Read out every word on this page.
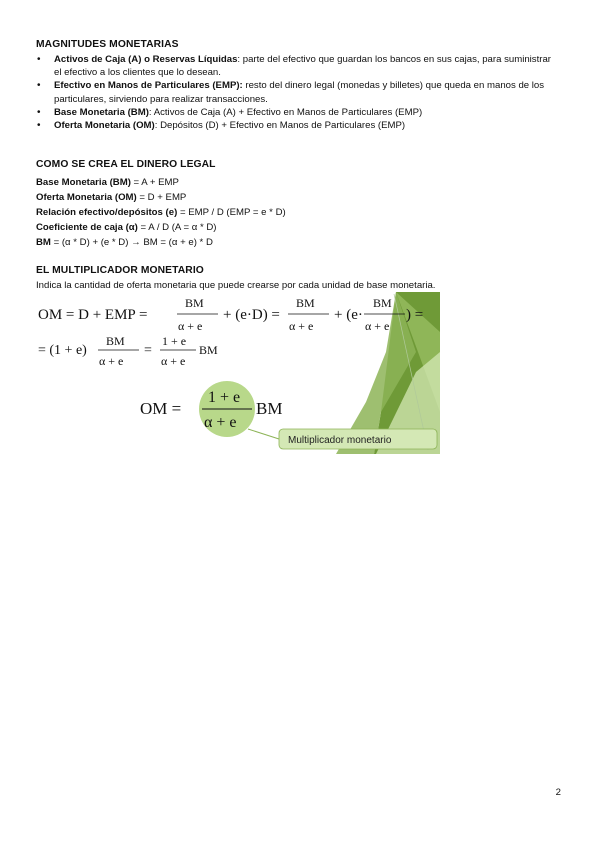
MAGNITUDES MONETARIAS
• Activos de Caja (A) o Reservas Líquidas: parte del efectivo que guardan los bancos en sus cajas, para suministrar el efectivo a los clientes que lo desean.
• Efectivo en Manos de Particulares (EMP): resto del dinero legal (monedas y billetes) que queda en manos de los particulares, sirviendo para realizar transacciones.
• Base Monetaria (BM): Activos de Caja (A) + Efectivo en Manos de Particulares (EMP)
• Oferta Monetaria (OM): Depósitos (D) + Efectivo en Manos de Particulares (EMP)
COMO SE CREA EL DINERO LEGAL
Base Monetaria (BM) = A + EMP
Oferta Monetaria (OM) = D + EMP
Relación efectivo/depósitos (e) = EMP / D (EMP = e * D)
Coeficiente de caja (α) = A / D (A = α * D)
BM = (α * D) + (e * D) → BM = (α + e) * D
EL MULTIPLICADOR MONETARIO
Indica la cantidad de oferta monetaria que puede crearse por cada unidad de base monetaria.
OM = D + EMP =
BM
α + e
+ (e·D) =
BM
α + e
+ (e·
BM
α + e
) =
= (1 + e)
BM
α + e
=
1 + e
α + e
BM
OM =
1 + e
α + e
BM
Multiplicador monetario
2
